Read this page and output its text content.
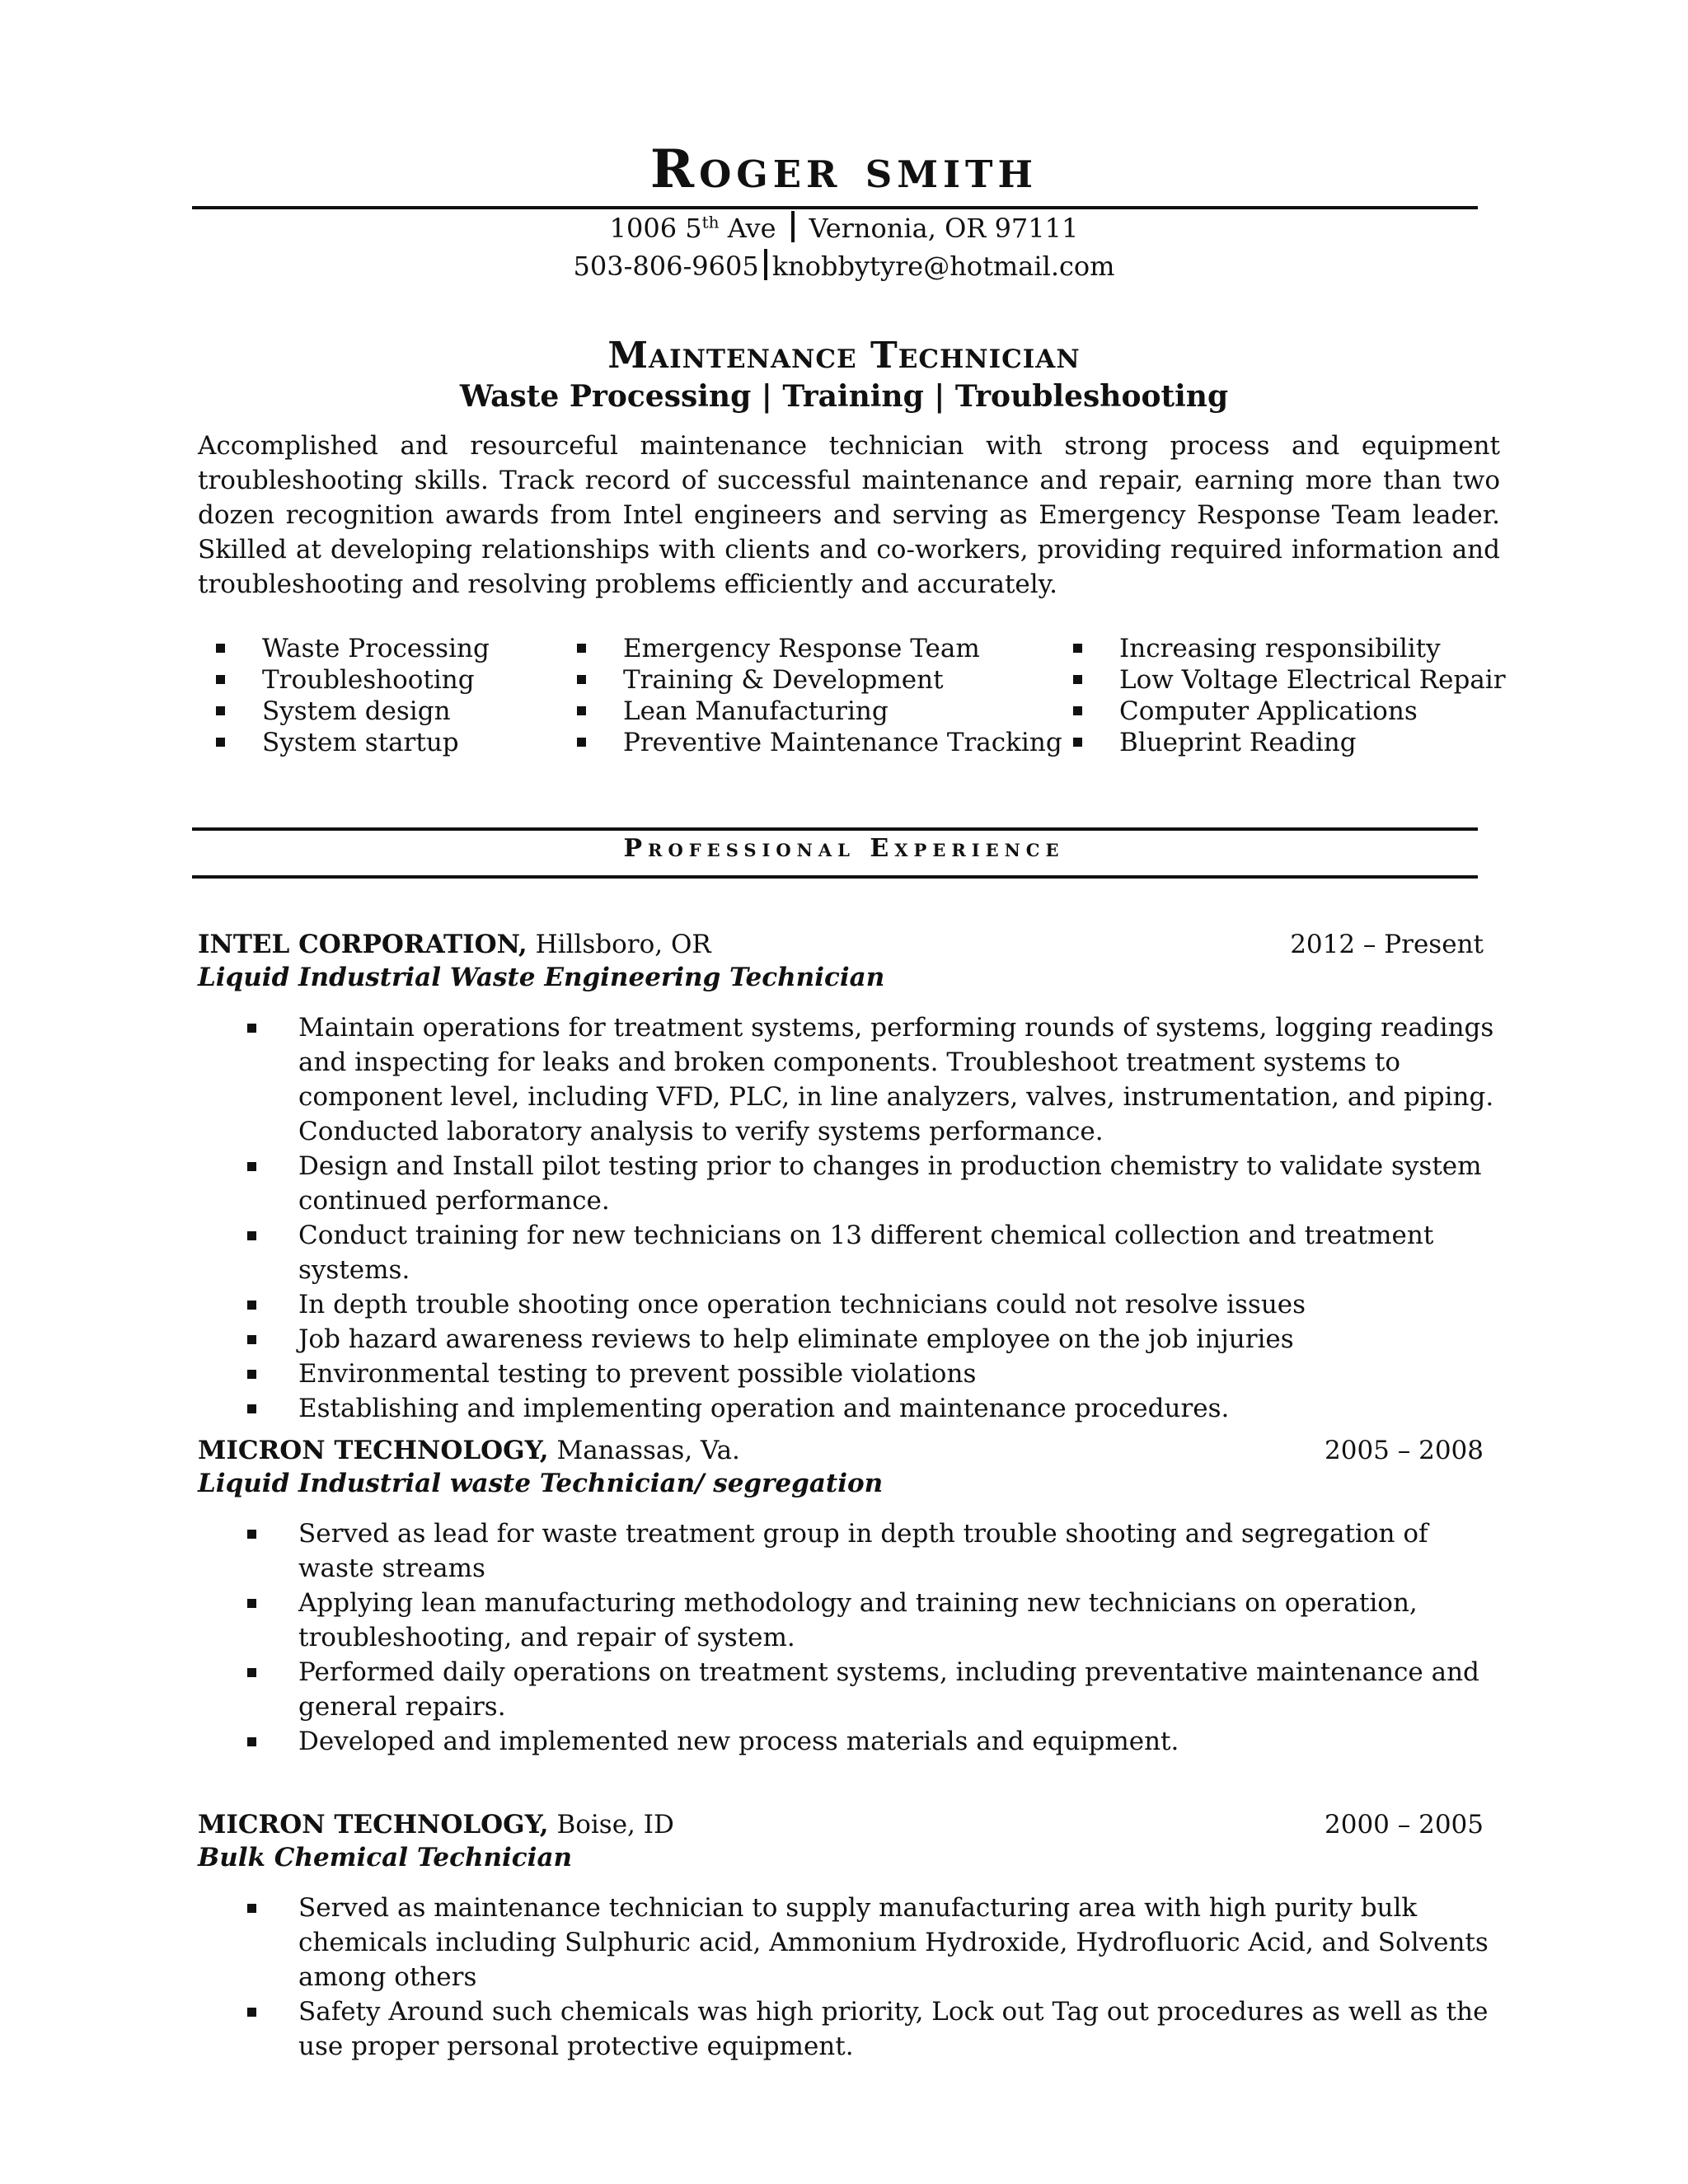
Roger smith
1006 5th Ave Vernonia, OR 97111
503-806-9605 knobbytyre@hotmail.com
Maintenance Technician
Waste Processing | Training | Troubleshooting
Accomplished and resourceful maintenance technician with strong process and equipment troubleshooting skills. Track record of successful maintenance and repair, earning more than two dozen recognition awards from Intel engineers and serving as Emergency Response Team leader. Skilled at developing relationships with clients and co-workers, providing required information and troubleshooting and resolving problems efficiently and accurately.
Waste Processing
Troubleshooting
System design
System startup
Emergency Response Team
Training & Development
Lean Manufacturing
Preventive Maintenance Tracking
Increasing responsibility
Low Voltage Electrical Repair
Computer Applications
Blueprint Reading
Professional Experience
INTEL CORPORATION, Hillsboro, OR	2012 – Present
Liquid Industrial Waste Engineering Technician
Maintain operations for treatment systems, performing rounds of systems, logging readings and inspecting for leaks and broken components. Troubleshoot treatment systems to component level, including VFD, PLC, in line analyzers, valves, instrumentation, and piping. Conducted laboratory analysis to verify systems performance.
Design and Install pilot testing prior to changes in production chemistry to validate system continued performance.
Conduct training for new technicians on 13 different chemical collection and treatment systems.
In depth trouble shooting once operation technicians could not resolve issues
Job hazard awareness reviews to help eliminate employee on the job injuries
Environmental testing to prevent possible violations
Establishing and implementing operation and maintenance procedures.
MICRON TECHNOLOGY, Manassas, Va.	2005 – 2008
Liquid Industrial waste Technician/ segregation
Served as lead for waste treatment group in depth trouble shooting and segregation of waste streams
Applying lean manufacturing methodology and training new technicians on operation, troubleshooting, and repair of system.
Performed daily operations on treatment systems, including preventative maintenance and general repairs.
Developed and implemented new process materials and equipment.
MICRON TECHNOLOGY, Boise, ID	2000 – 2005
Bulk Chemical Technician
Served as maintenance technician to supply manufacturing area with high purity bulk chemicals including Sulphuric acid, Ammonium Hydroxide, Hydrofluoric Acid, and Solvents among others
Safety Around such chemicals was high priority, Lock out Tag out procedures as well as the use proper personal protective equipment.
